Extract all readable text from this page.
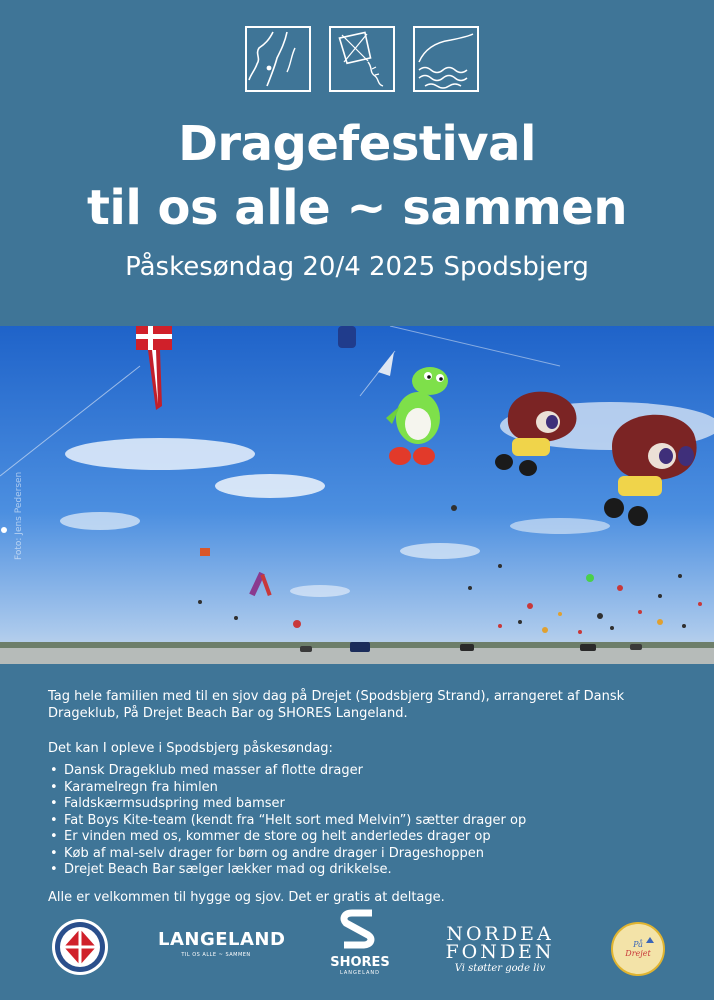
Dragefestival
til os alle ~ sammen
Påskesøndag 20/4 2025 Spodsbjerg
Foto: Jens Pedersen

Tag hele familien med til en sjov dag på Drejet (Spodsbjerg Strand), arrangeret af Dansk Drageklub, På Drejet Beach Bar og SHORES Langeland.

Det kan I opleve i Spodsbjerg påskesøndag:

• Dansk Drageklub med masser af flotte drager
• Karamelregn fra himlen
• Faldskærmsudspring med bamser
• Fat Boys Kite-team (kendt fra “Helt sort med Melvin”) sætter drager op
• Er vinden med os, kommer de store og helt anderledes drager op
• Køb af mal-selv drager for børn og andre drager i Drageshoppen
• Drejet Beach Bar sælger lækker mad og drikkelse.

Alle er velkommen til hygge og sjov. Det er gratis at deltage.

LANGELAND
TIL OS ALLE ~ SAMMEN	SHORES
LANGELAND
NORDEA
FONDEN
Vi støtter gode liv
På
Drejet
